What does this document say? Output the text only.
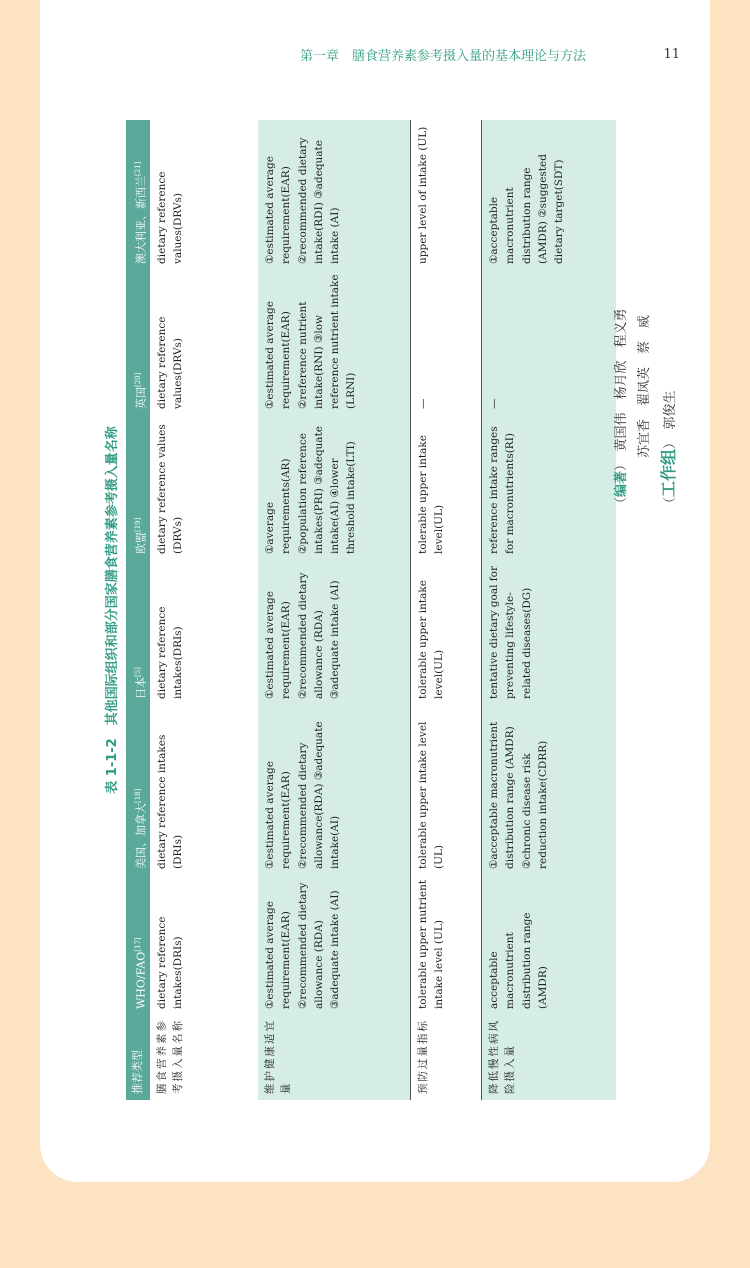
第一章　膳食营养素参考摄入量的基本理论与方法	11
表 1-1-2　其他国际组织和部分国家膳食营养素参考摄入量名称
推荐类型
WHO/FAO[17]
美国、加拿大[18]
日本[5]
欧盟[19]
英国[20]
澳大利亚、新西兰[21]
膳食营养素参考摄入量名称
dietary reference intakes(DRIs)
dietary reference intakes (DRIs)
dietary reference intakes(DRIs)
dietary reference values (DRVs)
dietary reference values(DRVs)
dietary reference values(DRVs)
维护健康适宜量
①estimated average requirement(EAR) ②recommended dietary allowance (RDA) ③adequate intake (AI)
①estimated average requirement(EAR) ②recommended dietary allowance(RDA) ③adequate intake(AI)
①estimated average requirement(EAR) ②recommended dietary allowance (RDA) ③adequate intake (AI)
①average requirements(AR) ②population reference intakes(PRI) ③adequate intake(AI) ④lower threshold intake(LTI)
①estimated average requirement(EAR) ②reference nutrient intake(RNI) ③low reference nutrient intake (LRNI)
①estimated average requirement(EAR) ②recommended dietary intake(RDI) ③adequate intake (AI)
预防过量指标
tolerable upper nutrient intake level (UL)
tolerable upper intake level (UL)
tolerable upper intake level(UL)
tolerable upper intake level(UL)
—
upper level of intake (UL)
降低慢性病风险摄入量
acceptable macronutrient distribution range (AMDR)
①acceptable macronutrient distribution range (AMDR) ②chronic disease risk reduction intake(CDRR)
tentative dietary goal for preventing lifestyle-related diseases(DG)
reference intake ranges for macronutrients(RI)
—
①acceptable macronutrient distribution range (AMDR) ②suggested dietary target(SDT)
（编著）　黄国伟　杨月欣　程义勇
　　　　 苏宜香　翟凤英　蔡　威
（工作组）　郭俊生
